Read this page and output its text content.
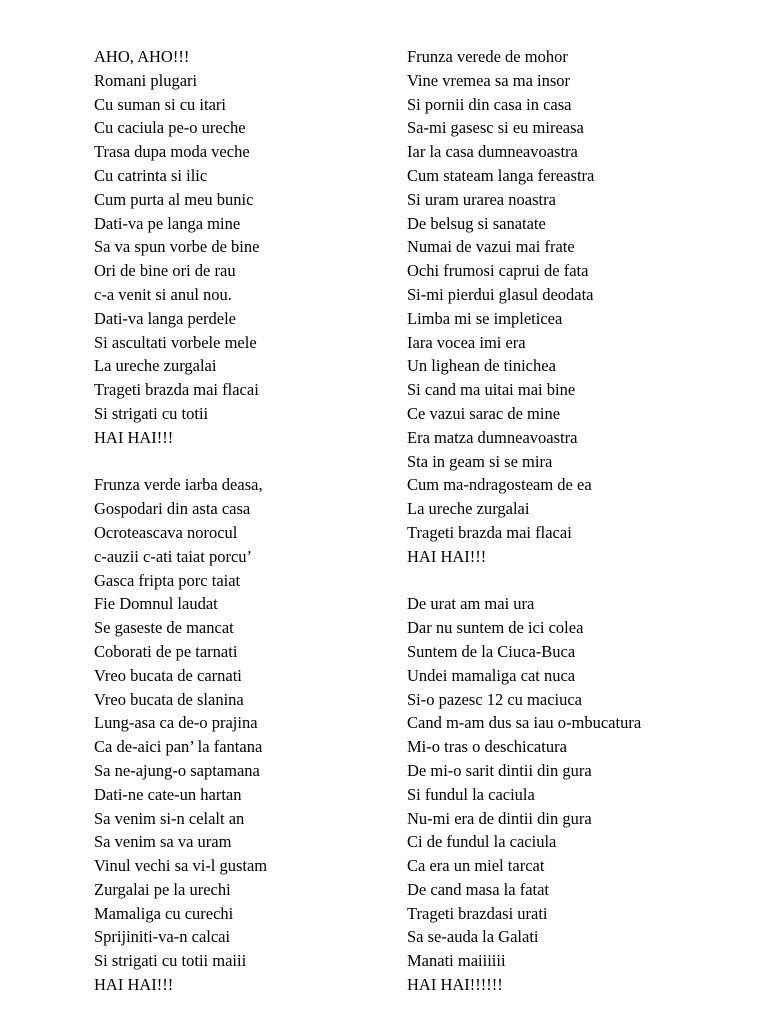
AHO, AHO!!!
Romani plugari
Cu suman si cu itari
Cu caciula pe-o ureche
Trasa dupa moda veche
Cu catrinta si ilic
Cum purta al meu bunic
Dati-va pe langa mine
Sa va spun vorbe de bine
Ori de bine ori de rau
c-a venit si anul nou.
Dati-va langa perdele
Si ascultati vorbele mele
La ureche zurgalai
Trageti brazda mai flacai
Si strigati cu totii
HAI HAI!!!
Frunza verde iarba deasa,
Gospodari din asta casa
Ocroteascava norocul
c-auzii c-ati taiat porcu’
Gasca fripta porc taiat
Fie Domnul laudat
Se gaseste de mancat
Coborati de pe tarnati
Vreo bucata de carnati
Vreo bucata de slanina
Lung-asa ca de-o prajina
Ca de-aici pan’ la fantana
Sa ne-ajung-o saptamana
Dati-ne cate-un hartan
Sa venim si-n celalt an
Sa venim sa va uram
Vinul vechi sa vi-l gustam
Zurgalai pe la urechi
Mamaliga cu curechi
Sprijiniti-va-n calcai
Si strigati cu totii maiii
HAI HAI!!!
Frunza verede de mohor
Vine vremea sa ma insor
Si pornii din casa in casa
Sa-mi gasesc si eu mireasa
Iar la casa dumneavoastra
Cum stateam langa fereastra
Si uram urarea noastra
De belsug si sanatate
Numai de vazui mai frate
Ochi frumosi caprui de fata
Si-mi pierdui glasul deodata
Limba mi se impleticea
Iara vocea imi era
Un lighean de tinichea
Si cand ma uitai mai bine
Ce vazui sarac de mine
Era matza dumneavoastra
Sta in geam si se mira
Cum ma-ndragosteam de ea
La ureche zurgalai
Trageti brazda mai flacai
HAI HAI!!!
De urat am mai ura
Dar nu suntem de ici colea
Suntem de la Ciuca-Buca
Undei mamaliga cat nuca
Si-o pazesc 12 cu maciuca
Cand m-am dus sa iau o-mbucatura
Mi-o tras o deschicatura
De mi-o sarit dintii din gura
Si fundul la caciula
Nu-mi era de dintii din gura
Ci de fundul la caciula
Ca era un miel tarcat
De cand masa la fatat
Trageti brazdasi urati
Sa se-auda la Galati
Manati maiiiiii
HAI HAI!!!!!!
